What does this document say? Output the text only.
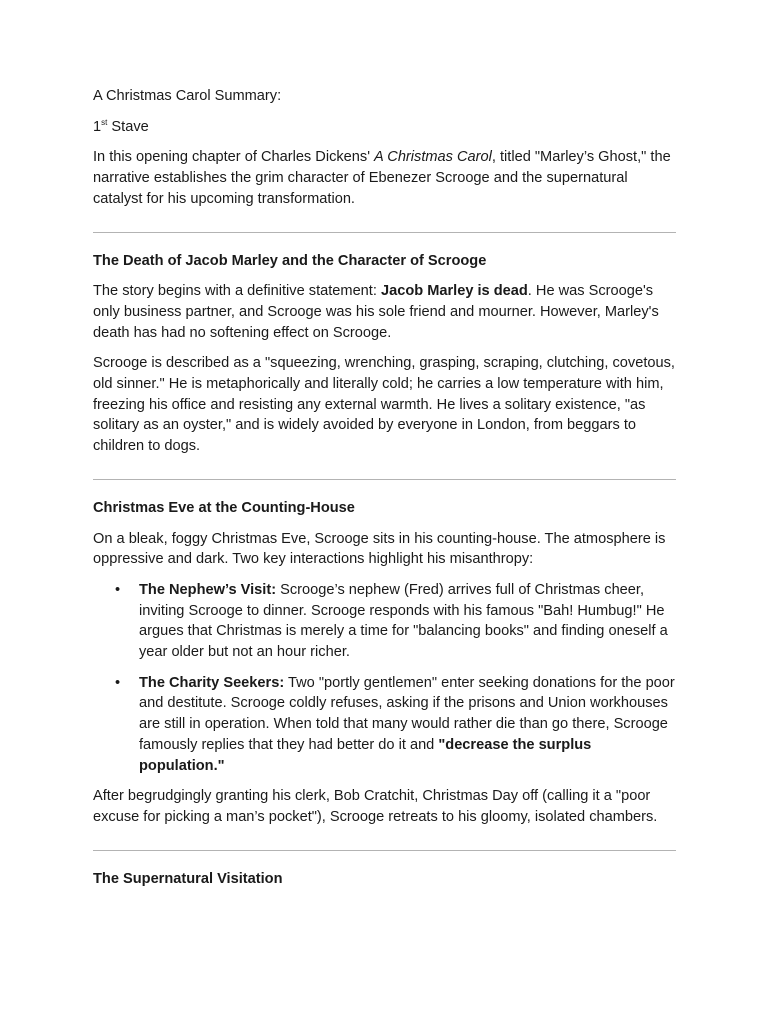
A Christmas Carol Summary:

1st Stave

In this opening chapter of Charles Dickens' A Christmas Carol, titled "Marley’s Ghost," the narrative establishes the grim character of Ebenezer Scrooge and the supernatural catalyst for his upcoming transformation.

The Death of Jacob Marley and the Character of Scrooge

The story begins with a definitive statement: Jacob Marley is dead. He was Scrooge's only business partner, and Scrooge was his sole friend and mourner. However, Marley's death has had no softening effect on Scrooge.

Scrooge is described as a "squeezing, wrenching, grasping, scraping, clutching, covetous, old sinner." He is metaphorically and literally cold; he carries a low temperature with him, freezing his office and resisting any external warmth. He lives a solitary existence, "as solitary as an oyster," and is widely avoided by everyone in London, from beggars to children to dogs.

Christmas Eve at the Counting-House

On a bleak, foggy Christmas Eve, Scrooge sits in his counting-house. The atmosphere is oppressive and dark. Two key interactions highlight his misanthropy:

• The Nephew’s Visit: Scrooge’s nephew (Fred) arrives full of Christmas cheer, inviting Scrooge to dinner. Scrooge responds with his famous "Bah! Humbug!" He argues that Christmas is merely a time for "balancing books" and finding oneself a year older but not an hour richer.
• The Charity Seekers: Two "portly gentlemen" enter seeking donations for the poor and destitute. Scrooge coldly refuses, asking if the prisons and Union workhouses are still in operation. When told that many would rather die than go there, Scrooge famously replies that they had better do it and "decrease the surplus population."

After begrudgingly granting his clerk, Bob Cratchit, Christmas Day off (calling it a "poor excuse for picking a man’s pocket"), Scrooge retreats to his gloomy, isolated chambers.

The Supernatural Visitation
